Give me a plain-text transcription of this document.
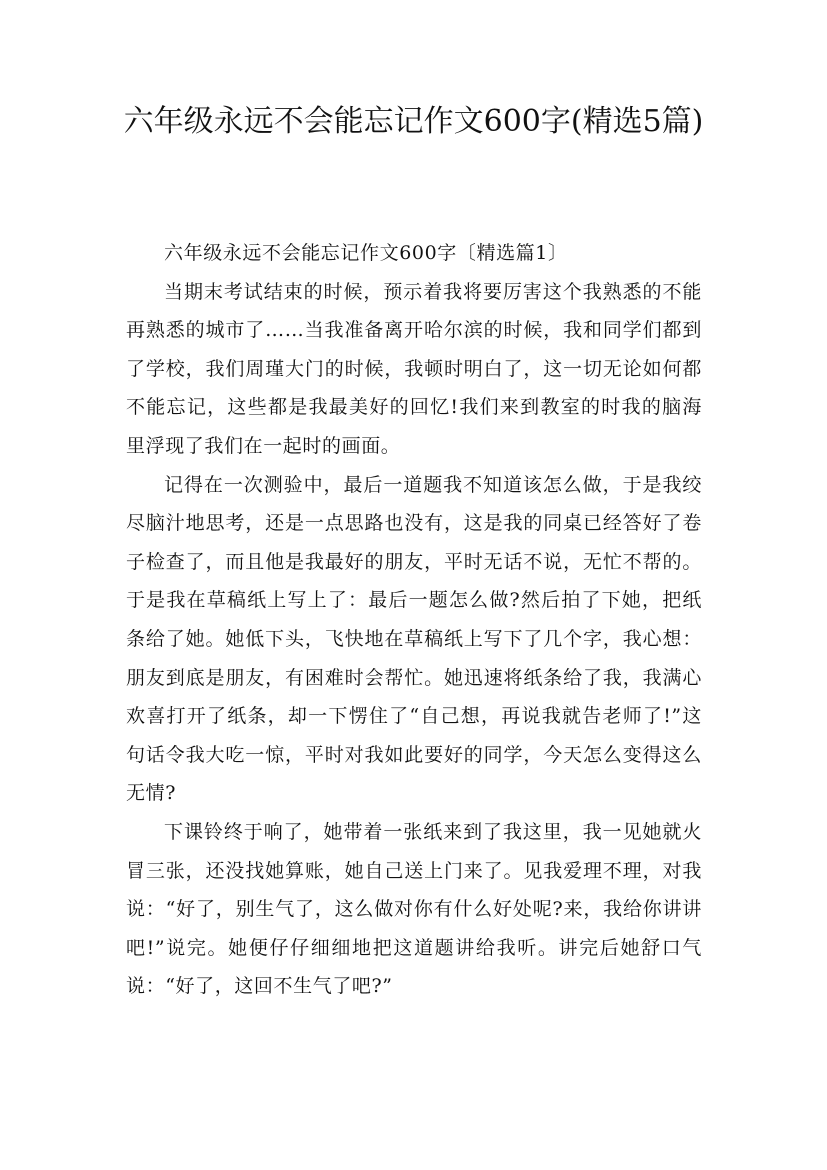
六年级永远不会能忘记作文600字(精选5篇)

六年级永远不会能忘记作文600字〔精选篇1〕

当期末考试结束的时候，预示着我将要厉害这个我熟悉的不能再熟悉的城市了……当我准备离开哈尔滨的时候，我和同学们都到了学校，我们周瑾大门的时候，我顿时明白了，这一切无论如何都不能忘记，这些都是我最美好的回忆!我们来到教室的时我的脑海里浮现了我们在一起时的画面。

记得在一次测验中，最后一道题我不知道该怎么做，于是我绞尽脑汁地思考，还是一点思路也没有，这是我的同桌已经答好了卷子检查了，而且他是我最好的朋友，平时无话不说，无忙不帮的。于是我在草稿纸上写上了：最后一题怎么做?然后拍了下她，把纸条给了她。她低下头，飞快地在草稿纸上写下了几个字，我心想：朋友到底是朋友，有困难时会帮忙。她迅速将纸条给了我，我满心欢喜打开了纸条，却一下愣住了“自己想，再说我就告老师了!”这句话令我大吃一惊，平时对我如此要好的同学，今天怎么变得这么无情?

下课铃终于响了，她带着一张纸来到了我这里，我一见她就火冒三张，还没找她算账，她自己送上门来了。见我爱理不理，对我说：“好了，别生气了，这么做对你有什么好处呢?来，我给你讲讲吧!”说完。她便仔仔细细地把这道题讲给我听。讲完后她舒口气说：“好了，这回不生气了吧?”
